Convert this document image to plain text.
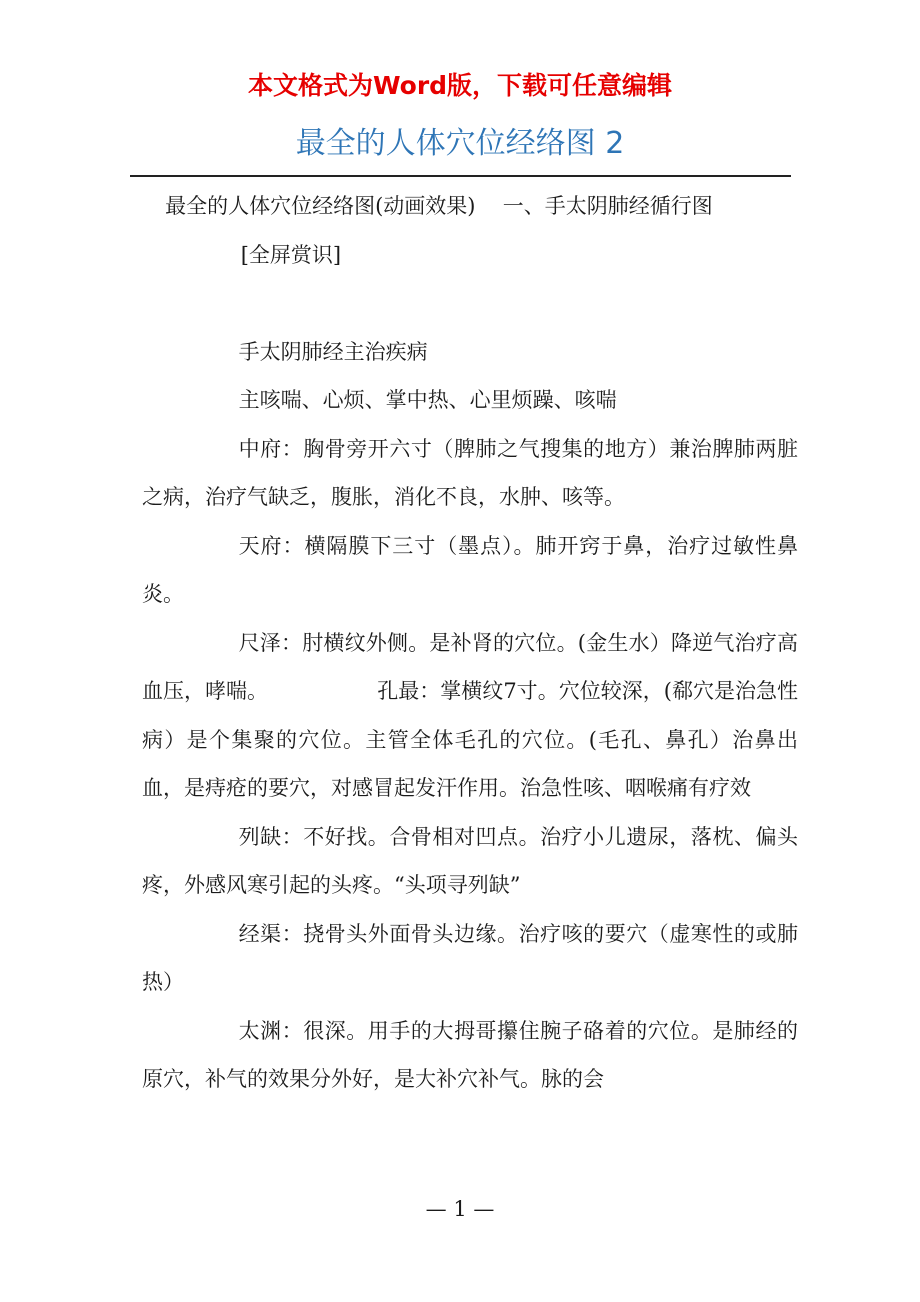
本文格式为Word版，下载可任意编辑
最全的人体穴位经络图 2

最全的人体穴位经络图(动画效果) 一、手太阴肺经循行图

[全屏赏识]

手太阴肺经主治疾病

主咳喘、心烦、掌中热、心里烦躁、咳喘

中府：胸骨旁开六寸（脾肺之气搜集的地方）兼治脾肺两脏之病，治疗气缺乏，腹胀，消化不良，水肿、咳等。

天府：横隔膜下三寸（墨点）。肺开窍于鼻，治疗过敏性鼻炎。

尺泽：肘横纹外侧。是补肾的穴位。(金生水）降逆气治疗高血压，哮喘。	孔最：掌横纹7寸。穴位较深，(郗穴是治急性病）是个集聚的穴位。主管全体毛孔的穴位。(毛孔、鼻孔）治鼻出血，是痔疮的要穴，对感冒起发汗作用。治急性咳、咽喉痛有疗效

列缺：不好找。合骨相对凹点。治疗小儿遗尿，落枕、偏头疼，外感风寒引起的头疼。“头项寻列缺”

经渠：挠骨头外面骨头边缘。治疗咳的要穴（虚寒性的或肺热）

太渊：很深。用手的大拇哥攥住腕子硌着的穴位。是肺经的原穴，补气的效果分外好，是大补穴补气。脉的会

— 1 —
